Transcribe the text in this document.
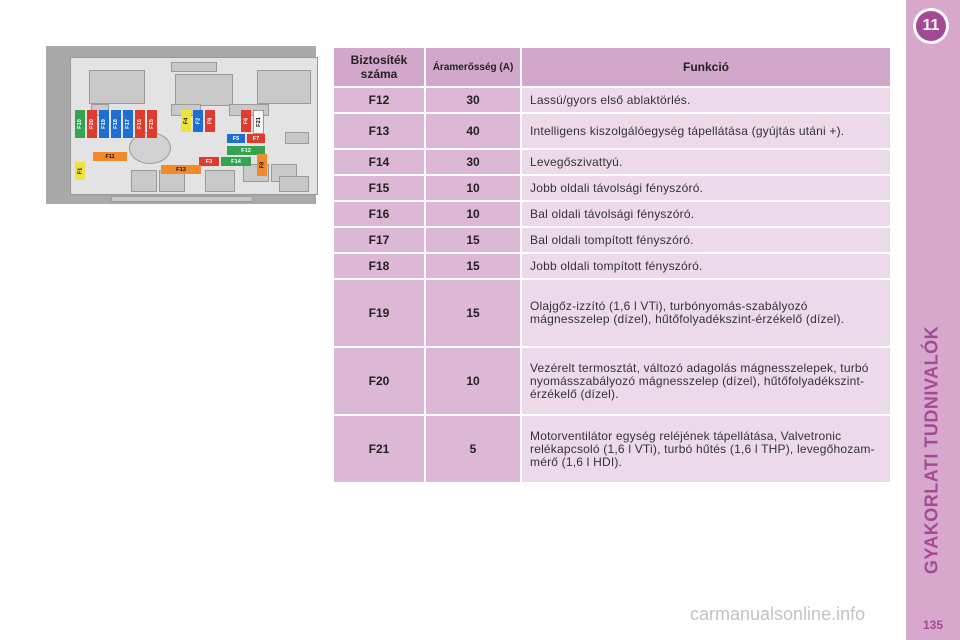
11
GYAKORLATI TUDNIVALÓK
135
carmanualsonline.info
F10 F20 F19 F18 F17 F16 F15	F4 F2 F9	F6 F21
F5 F7
F12
F3	F14
F8
F11
F13
F1
Biztosíték száma	Áramerősség (A)	Funkció
F12	30	Lassú/gyors első ablaktörlés.
F13	40	Intelligens kiszolgálóegység tápellátása (gyújtás utáni +).
F14	30	Levegőszivattyú.
F15	10	Jobb oldali távolsági fényszóró.
F16	10	Bal oldali távolsági fényszóró.
F17	15	Bal oldali tompított fényszóró.
F18	15	Jobb oldali tompított fényszóró.
F19	15	Olajgőz-izzító (1,6 l VTi), turbónyomás-szabályozó mágnesszelep (dízel), hűtőfolyadékszint-érzékelő (dízel).
F20	10	Vezérelt termosztát, változó adagolás mágnesszelepek, turbó nyomásszabályozó mágnesszelep (dízel), hűtőfolyadékszint-érzékelő (dízel).
F21	5	Motorventilátor egység reléjének tápellátása, Valvetronic relékapcsoló (1,6 l VTi), turbó hűtés (1,6 l THP), levegőhozam-mérő (1,6 l HDI).
